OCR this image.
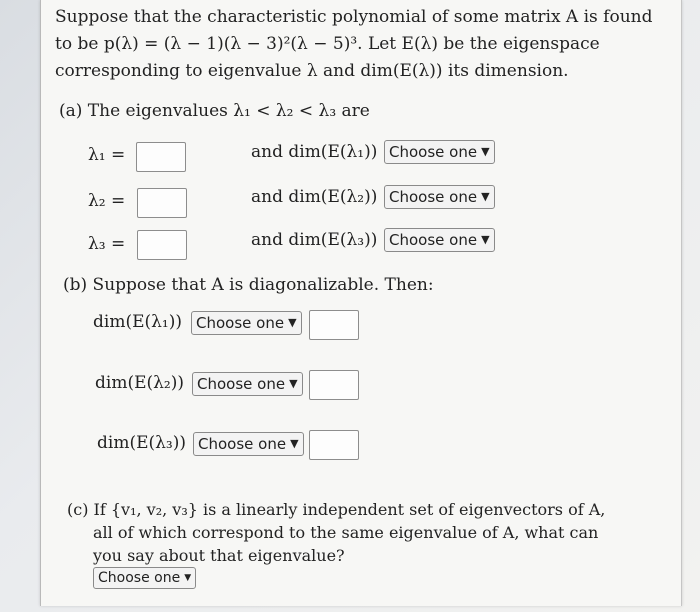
Suppose that the characteristic polynomial of some matrix A is found
to be p(λ) = (λ − 1)(λ − 3)²(λ − 5)³. Let E(λ) be the eigenspace
corresponding to eigenvalue λ and dim(E(λ)) its dimension.
(a) The eigenvalues λ₁ < λ₂ < λ₃ are
λ₁ =	and dim(E(λ₁)) Choose one ▼
λ₂ =	and dim(E(λ₂)) Choose one ▼
λ₃ =	and dim(E(λ₃)) Choose one ▼
(b) Suppose that A is diagonalizable. Then:
dim(E(λ₁)) Choose one ▼
dim(E(λ₂)) Choose one ▼
dim(E(λ₃)) Choose one ▼
(c) If {v₁, v₂, v₃} is a linearly independent set of eigenvectors of A,
all of which correspond to the same eigenvalue of A, what can
you say about that eigenvalue?
Choose one ▼
